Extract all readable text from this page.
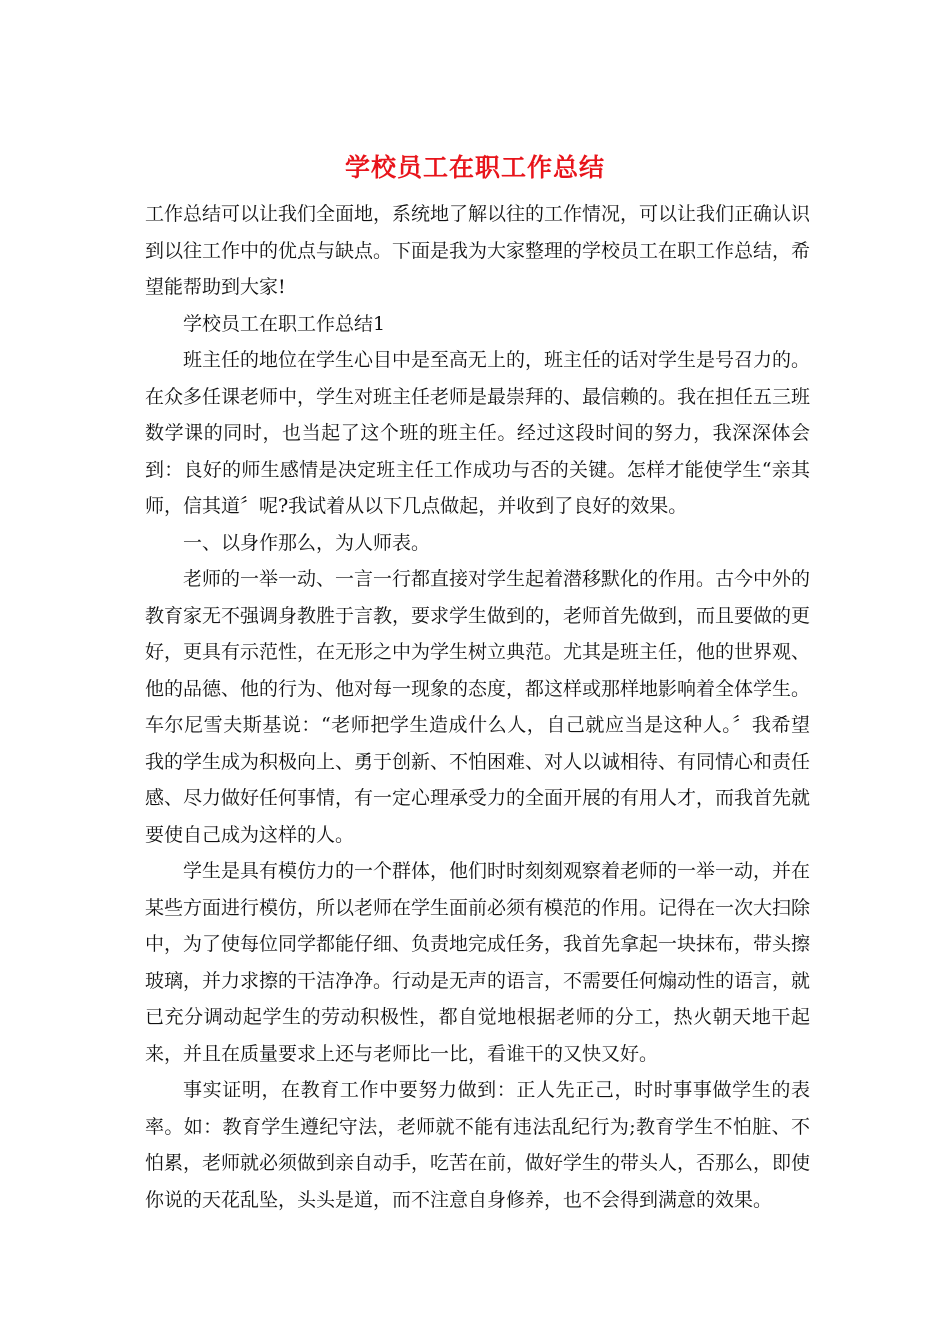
学校员工在职工作总结

工作总结可以让我们全面地，系统地了解以往的工作情况，可以让我们正确认识到以往工作中的优点与缺点。下面是我为大家整理的学校员工在职工作总结，希望能帮助到大家!

学校员工在职工作总结1

班主任的地位在学生心目中是至高无上的，班主任的话对学生是号召力的。在众多任课老师中，学生对班主任老师是最崇拜的、最信赖的。我在担任五三班数学课的同时，也当起了这个班的班主任。经过这段时间的努力，我深深体会到：良好的师生感情是决定班主任工作成功与否的关键。怎样才能使学生“亲其师，信其道〞呢?我试着从以下几点做起，并收到了良好的效果。

一、以身作那么，为人师表。

老师的一举一动、一言一行都直接对学生起着潜移默化的作用。古今中外的教育家无不强调身教胜于言教，要求学生做到的，老师首先做到，而且要做的更好，更具有示范性，在无形之中为学生树立典范。尤其是班主任，他的世界观、他的品德、他的行为、他对每一现象的态度，都这样或那样地影响着全体学生。车尔尼雪夫斯基说：“老师把学生造成什么人，自己就应当是这种人。〞我希望我的学生成为积极向上、勇于创新、不怕困难、对人以诚相待、有同情心和责任感、尽力做好任何事情，有一定心理承受力的全面开展的有用人才，而我首先就要使自己成为这样的人。

学生是具有模仿力的一个群体，他们时时刻刻观察着老师的一举一动，并在某些方面进行模仿，所以老师在学生面前必须有模范的作用。记得在一次大扫除中，为了使每位同学都能仔细、负责地完成任务，我首先拿起一块抹布，带头擦玻璃，并力求擦的干洁净净。行动是无声的语言，不需要任何煽动性的语言，就已充分调动起学生的劳动积极性，都自觉地根据老师的分工，热火朝天地干起来，并且在质量要求上还与老师比一比，看谁干的又快又好。

事实证明，在教育工作中要努力做到：正人先正己，时时事事做学生的表率。如：教育学生遵纪守法，老师就不能有违法乱纪行为;教育学生不怕脏、不怕累，老师就必须做到亲自动手，吃苦在前，做好学生的带头人，否那么，即使你说的天花乱坠，头头是道，而不注意自身修养，也不会得到满意的效果。
